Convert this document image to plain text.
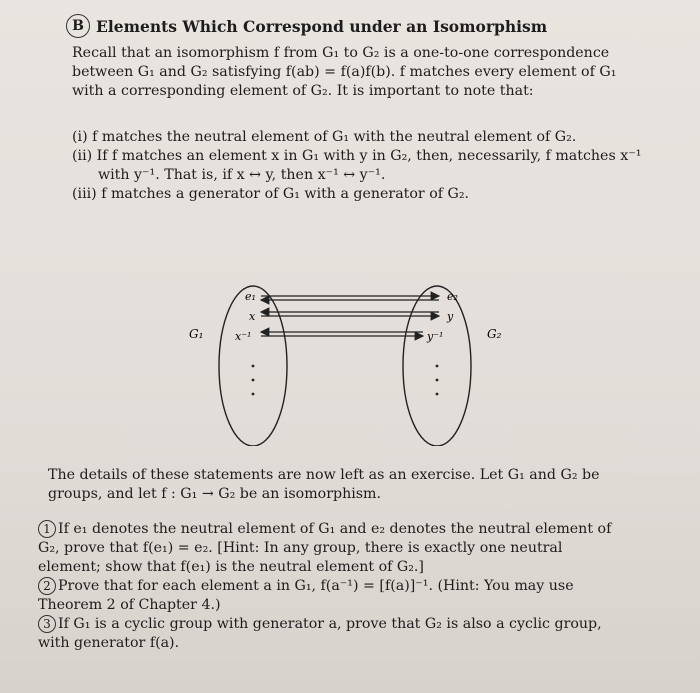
B Elements Which Correspond under an Isomorphism
Recall that an isomorphism f from G₁ to G₂ is a one-to-one correspondence
between G₁ and G₂ satisfying f(ab) = f(a)f(b). f matches every element of G₁
with a corresponding element of G₂. It is important to note that:
(i) f matches the neutral element of G₁ with the neutral element of G₂.
(ii) If f matches an element x in G₁ with y in G₂, then, necessarily, f matches x⁻¹
with y⁻¹. That is, if x ↔ y, then x⁻¹ ↔ y⁻¹.
(iii) f matches a generator of G₁ with a generator of G₂.
G₁	G₂
e₁
x
x⁻¹
e₂
y
y⁻¹
The details of these statements are now left as an exercise. Let G₁ and G₂ be
groups, and let f : G₁ → G₂ be an isomorphism.
1 If e₁ denotes the neutral element of G₁ and e₂ denotes the neutral element of
G₂, prove that f(e₁) = e₂. [Hint: In any group, there is exactly one neutral
element; show that f(e₁) is the neutral element of G₂.]
2 Prove that for each element a in G₁, f(a⁻¹) = [f(a)]⁻¹. (Hint: You may use
Theorem 2 of Chapter 4.)
3 If G₁ is a cyclic group with generator a, prove that G₂ is also a cyclic group,
with generator f(a).
